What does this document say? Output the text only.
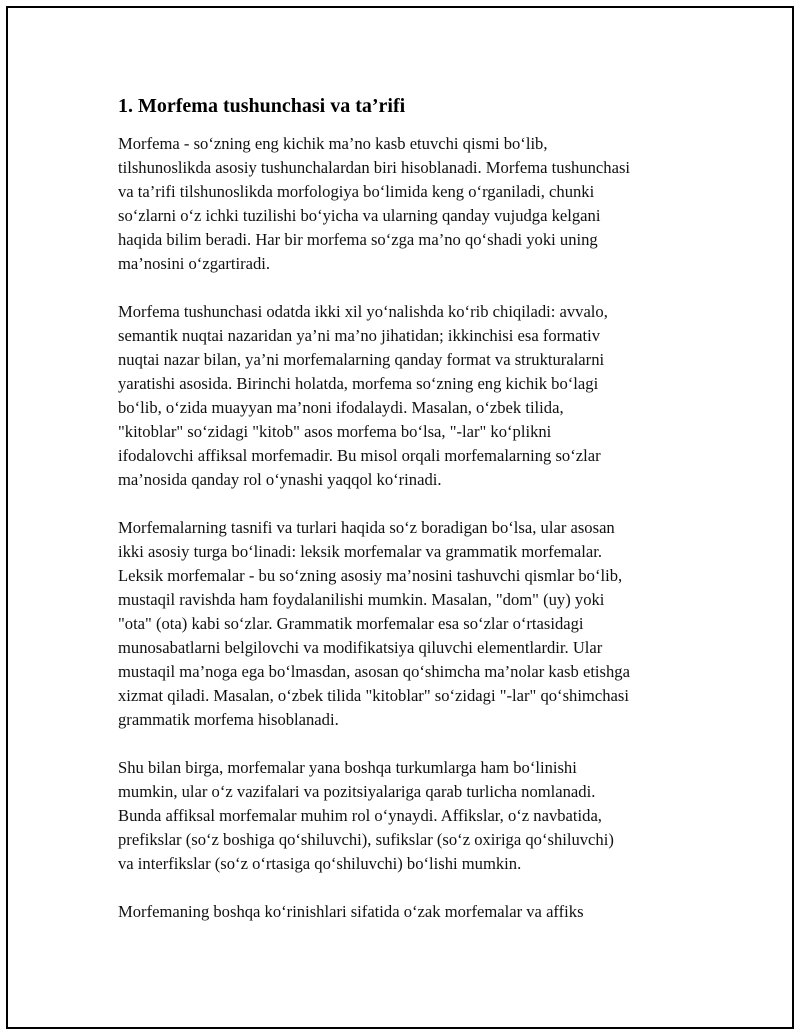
1. Morfema tushunchasi va ta’rifi

Morfema - so‘zning eng kichik ma’no kasb etuvchi qismi bo‘lib,
tilshunoslikda asosiy tushunchalardan biri hisoblanadi. Morfema tushunchasi
va ta’rifi tilshunoslikda morfologiya bo‘limida keng o‘rganiladi, chunki
so‘zlarni o‘z ichki tuzilishi bo‘yicha va ularning qanday vujudga kelgani
haqida bilim beradi. Har bir morfema so‘zga ma’no qo‘shadi yoki uning
ma’nosini o‘zgartiradi.

Morfema tushunchasi odatda ikki xil yo‘nalishda ko‘rib chiqiladi: avvalo,
semantik nuqtai nazaridan ya’ni ma’no jihatidan; ikkinchisi esa formativ
nuqtai nazar bilan, ya’ni morfemalarning qanday format va strukturalarni
yaratishi asosida. Birinchi holatda, morfema so‘zning eng kichik bo‘lagi
bo‘lib, o‘zida muayyan ma’noni ifodalaydi. Masalan, o‘zbek tilida,
"kitoblar" so‘zidagi "kitob" asos morfema bo‘lsa, "-lar" ko‘plikni
ifodalovchi affiksal morfemadir. Bu misol orqali morfemalarning so‘zlar
ma’nosida qanday rol o‘ynashi yaqqol ko‘rinadi.

Morfemalarning tasnifi va turlari haqida so‘z boradigan bo‘lsa, ular asosan
ikki asosiy turga bo‘linadi: leksik morfemalar va grammatik morfemalar.
Leksik morfemalar - bu so‘zning asosiy ma’nosini tashuvchi qismlar bo‘lib,
mustaqil ravishda ham foydalanilishi mumkin. Masalan, "dom" (uy) yoki
"ota" (ota) kabi so‘zlar. Grammatik morfemalar esa so‘zlar o‘rtasidagi
munosabatlarni belgilovchi va modifikatsiya qiluvchi elementlardir. Ular
mustaqil ma’noga ega bo‘lmasdan, asosan qo‘shimcha ma’nolar kasb etishga
xizmat qiladi. Masalan, o‘zbek tilida "kitoblar" so‘zidagi "-lar" qo‘shimchasi
grammatik morfema hisoblanadi.

Shu bilan birga, morfemalar yana boshqa turkumlarga ham bo‘linishi
mumkin, ular o‘z vazifalari va pozitsiyalariga qarab turlicha nomlanadi.
Bunda affiksal morfemalar muhim rol o‘ynaydi. Affikslar, o‘z navbatida,
prefikslar (so‘z boshiga qo‘shiluvchi), sufikslar (so‘z oxiriga qo‘shiluvchi)
va interfikslar (so‘z o‘rtasiga qo‘shiluvchi) bo‘lishi mumkin.

Morfemaning boshqa ko‘rinishlari sifatida o‘zak morfemalar va affiks
